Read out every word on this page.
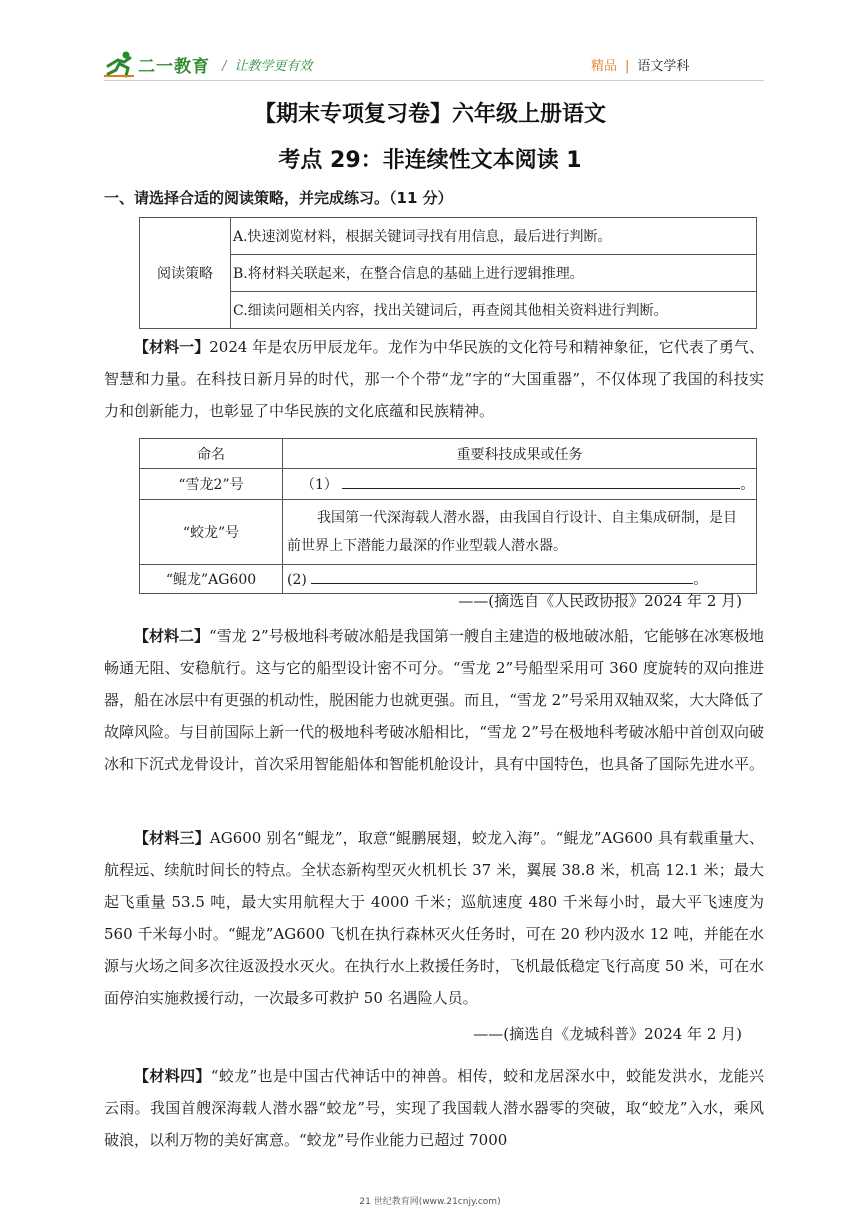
二一教育 / 让教学更有效	精品 | 语文学科
【期末专项复习卷】六年级上册语文
考点 29：非连续性文本阅读 1
一、请选择合适的阅读策略，并完成练习。（11 分）
阅读策略	A.快速浏览材料，根据关键词寻找有用信息，最后进行判断。
B.将材料关联起来，在整合信息的基础上进行逻辑推理。
C.细读问题相关内容，找出关键词后，再查阅其他相关资料进行判断。
【材料一】2024 年是农历甲辰龙年。龙作为中华民族的文化符号和精神象征，它代表了勇气、智慧和力量。在科技日新月异的时代，那一个个带“龙”字的“大国重器”，不仅体现了我国的科技实力和创新能力，也彰显了中华民族的文化底蕴和民族精神。
命名	重要科技成果或任务
“雪龙2”号	（1） 。
“蛟龙”号	我国第一代深海载人潜水器，由我国自行设计、自主集成研制，是目前世界上下潜能力最深的作业型载人潜水器。
“鲲龙”AG600	(2) 。
——(摘选自《人民政协报》2024 年 2 月)
【材料二】“雪龙 2”号极地科考破冰船是我国第一艘自主建造的极地破冰船，它能够在冰寒极地畅通无阻、安稳航行。这与它的船型设计密不可分。“雪龙 2”号船型采用可 360 度旋转的双向推进器，船在冰层中有更强的机动性，脱困能力也就更强。而且，“雪龙 2”号采用双轴双桨，大大降低了故障风险。与目前国际上新一代的极地科考破冰船相比，“雪龙 2”号在极地科考破冰船中首创双向破冰和下沉式龙骨设计，首次采用智能船体和智能机舱设计，具有中国特色，也具备了国际先进水平。
【材料三】AG600 别名“鲲龙”，取意“鲲鹏展翅，蛟龙入海”。“鲲龙”AG600 具有载重量大、航程远、续航时间长的特点。全状态新构型灭火机机长 37 米，翼展 38.8 米，机高 12.1 米；最大起飞重量 53.5 吨，最大实用航程大于 4000 千米；巡航速度 480 千米每小时，最大平飞速度为 560 千米每小时。“鲲龙”AG600 飞机在执行森林灭火任务时，可在 20 秒内汲水 12 吨，并能在水源与火场之间多次往返汲投水灭火。在执行水上救援任务时，飞机最低稳定飞行高度 50 米，可在水面停泊实施救援行动，一次最多可救护 50 名遇险人员。
——(摘选自《龙城科普》2024 年 2 月)
【材料四】“蛟龙”也是中国古代神话中的神兽。相传，蛟和龙居深水中，蛟能发洪水，龙能兴云雨。我国首艘深海载人潜水器“蛟龙”号，实现了我国载人潜水器零的突破，取“蛟龙”入水，乘风破浪，以利万物的美好寓意。“蛟龙”号作业能力已超过 7000
21 世纪教育网(www.21cnjy.com)
